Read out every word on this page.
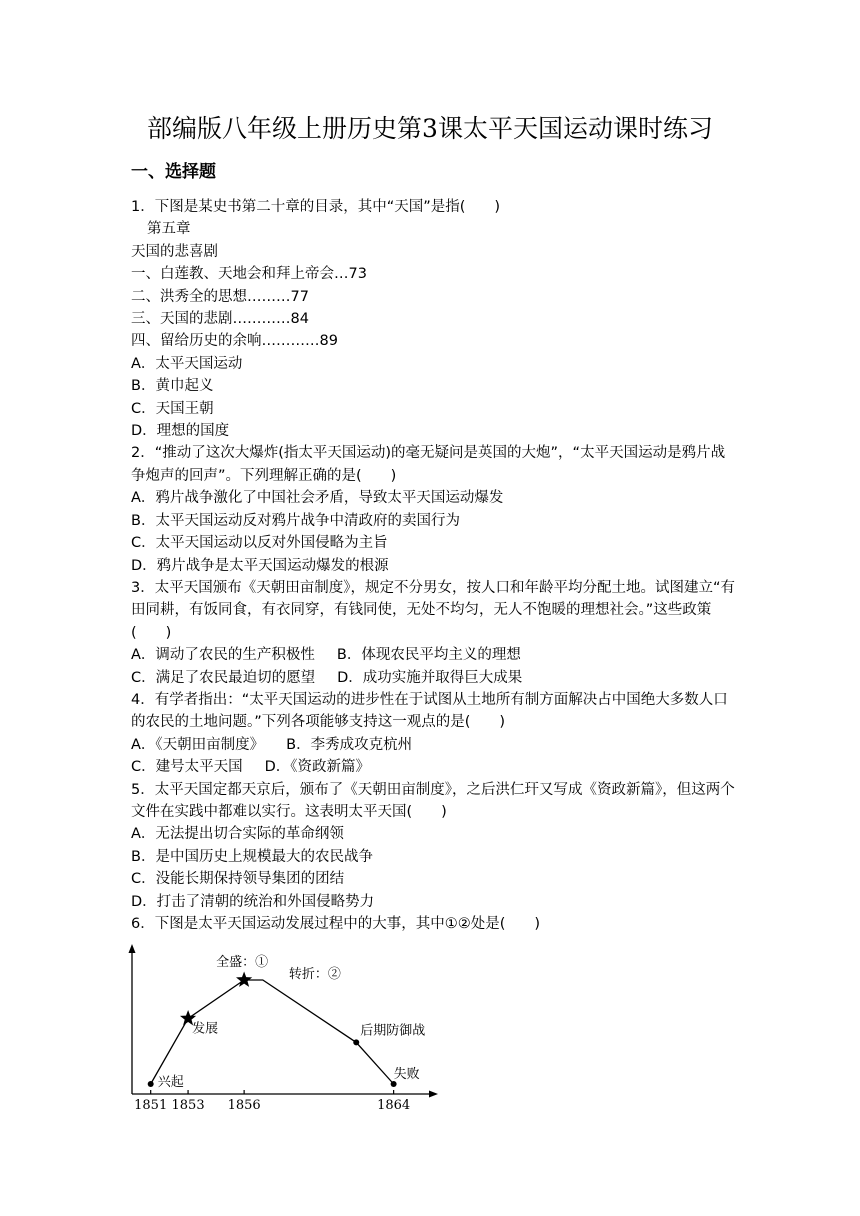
部编版八年级上册历史第3课太平天国运动课时练习
一、选择题
1．下图是某史书第二十章的目录，其中“天国”是指(　　)
第五章
天国的悲喜剧
一、白莲教、天地会和拜上帝会…73
二、洪秀全的思想………77
三、天国的悲剧…………84
四、留给历史的余响…………89
A．太平天国运动
B．黄巾起义
C．天国王朝
D．理想的国度
2．“推动了这次大爆炸(指太平天国运动)的毫无疑问是英国的大炮”，“太平天国运动是鸦片战争炮声的回声”。下列理解正确的是(　　)
A．鸦片战争激化了中国社会矛盾，导致太平天国运动爆发
B．太平天国运动反对鸦片战争中清政府的卖国行为
C．太平天国运动以反对外国侵略为主旨
D．鸦片战争是太平天国运动爆发的根源
3．太平天国颁布《天朝田亩制度》，规定不分男女，按人口和年龄平均分配土地。试图建立“有田同耕，有饭同食，有衣同穿，有钱同使，无处不均匀，无人不饱暖的理想社会。”这些政策(　　)
A．调动了农民的生产积极性 B．体现农民平均主义的理想
C．满足了农民最迫切的愿望 D．成功实施并取得巨大成果
4．有学者指出：“太平天国运动的进步性在于试图从土地所有制方面解决占中国绝大多数人口的农民的土地问题。”下列各项能够支持这一观点的是(　　)
A．《天朝田亩制度》 B．李秀成攻克杭州
C．建号太平天国 D．《资政新篇》
5．太平天国定都天京后，颁布了《天朝田亩制度》，之后洪仁玕又写成《资政新篇》，但这两个文件在实践中都难以实行。这表明太平天国(　　)
A．无法提出切合实际的革命纲领
B．是中国历史上规模最大的农民战争
C．没能长期保持领导集团的团结
D．打击了清朝的统治和外国侵略势力
6．下图是太平天国运动发展过程中的大事，其中①②处是(　　)
兴起
发展
全盛：①
转折：②
后期防御战
失败
1851 1853 1856	1864
